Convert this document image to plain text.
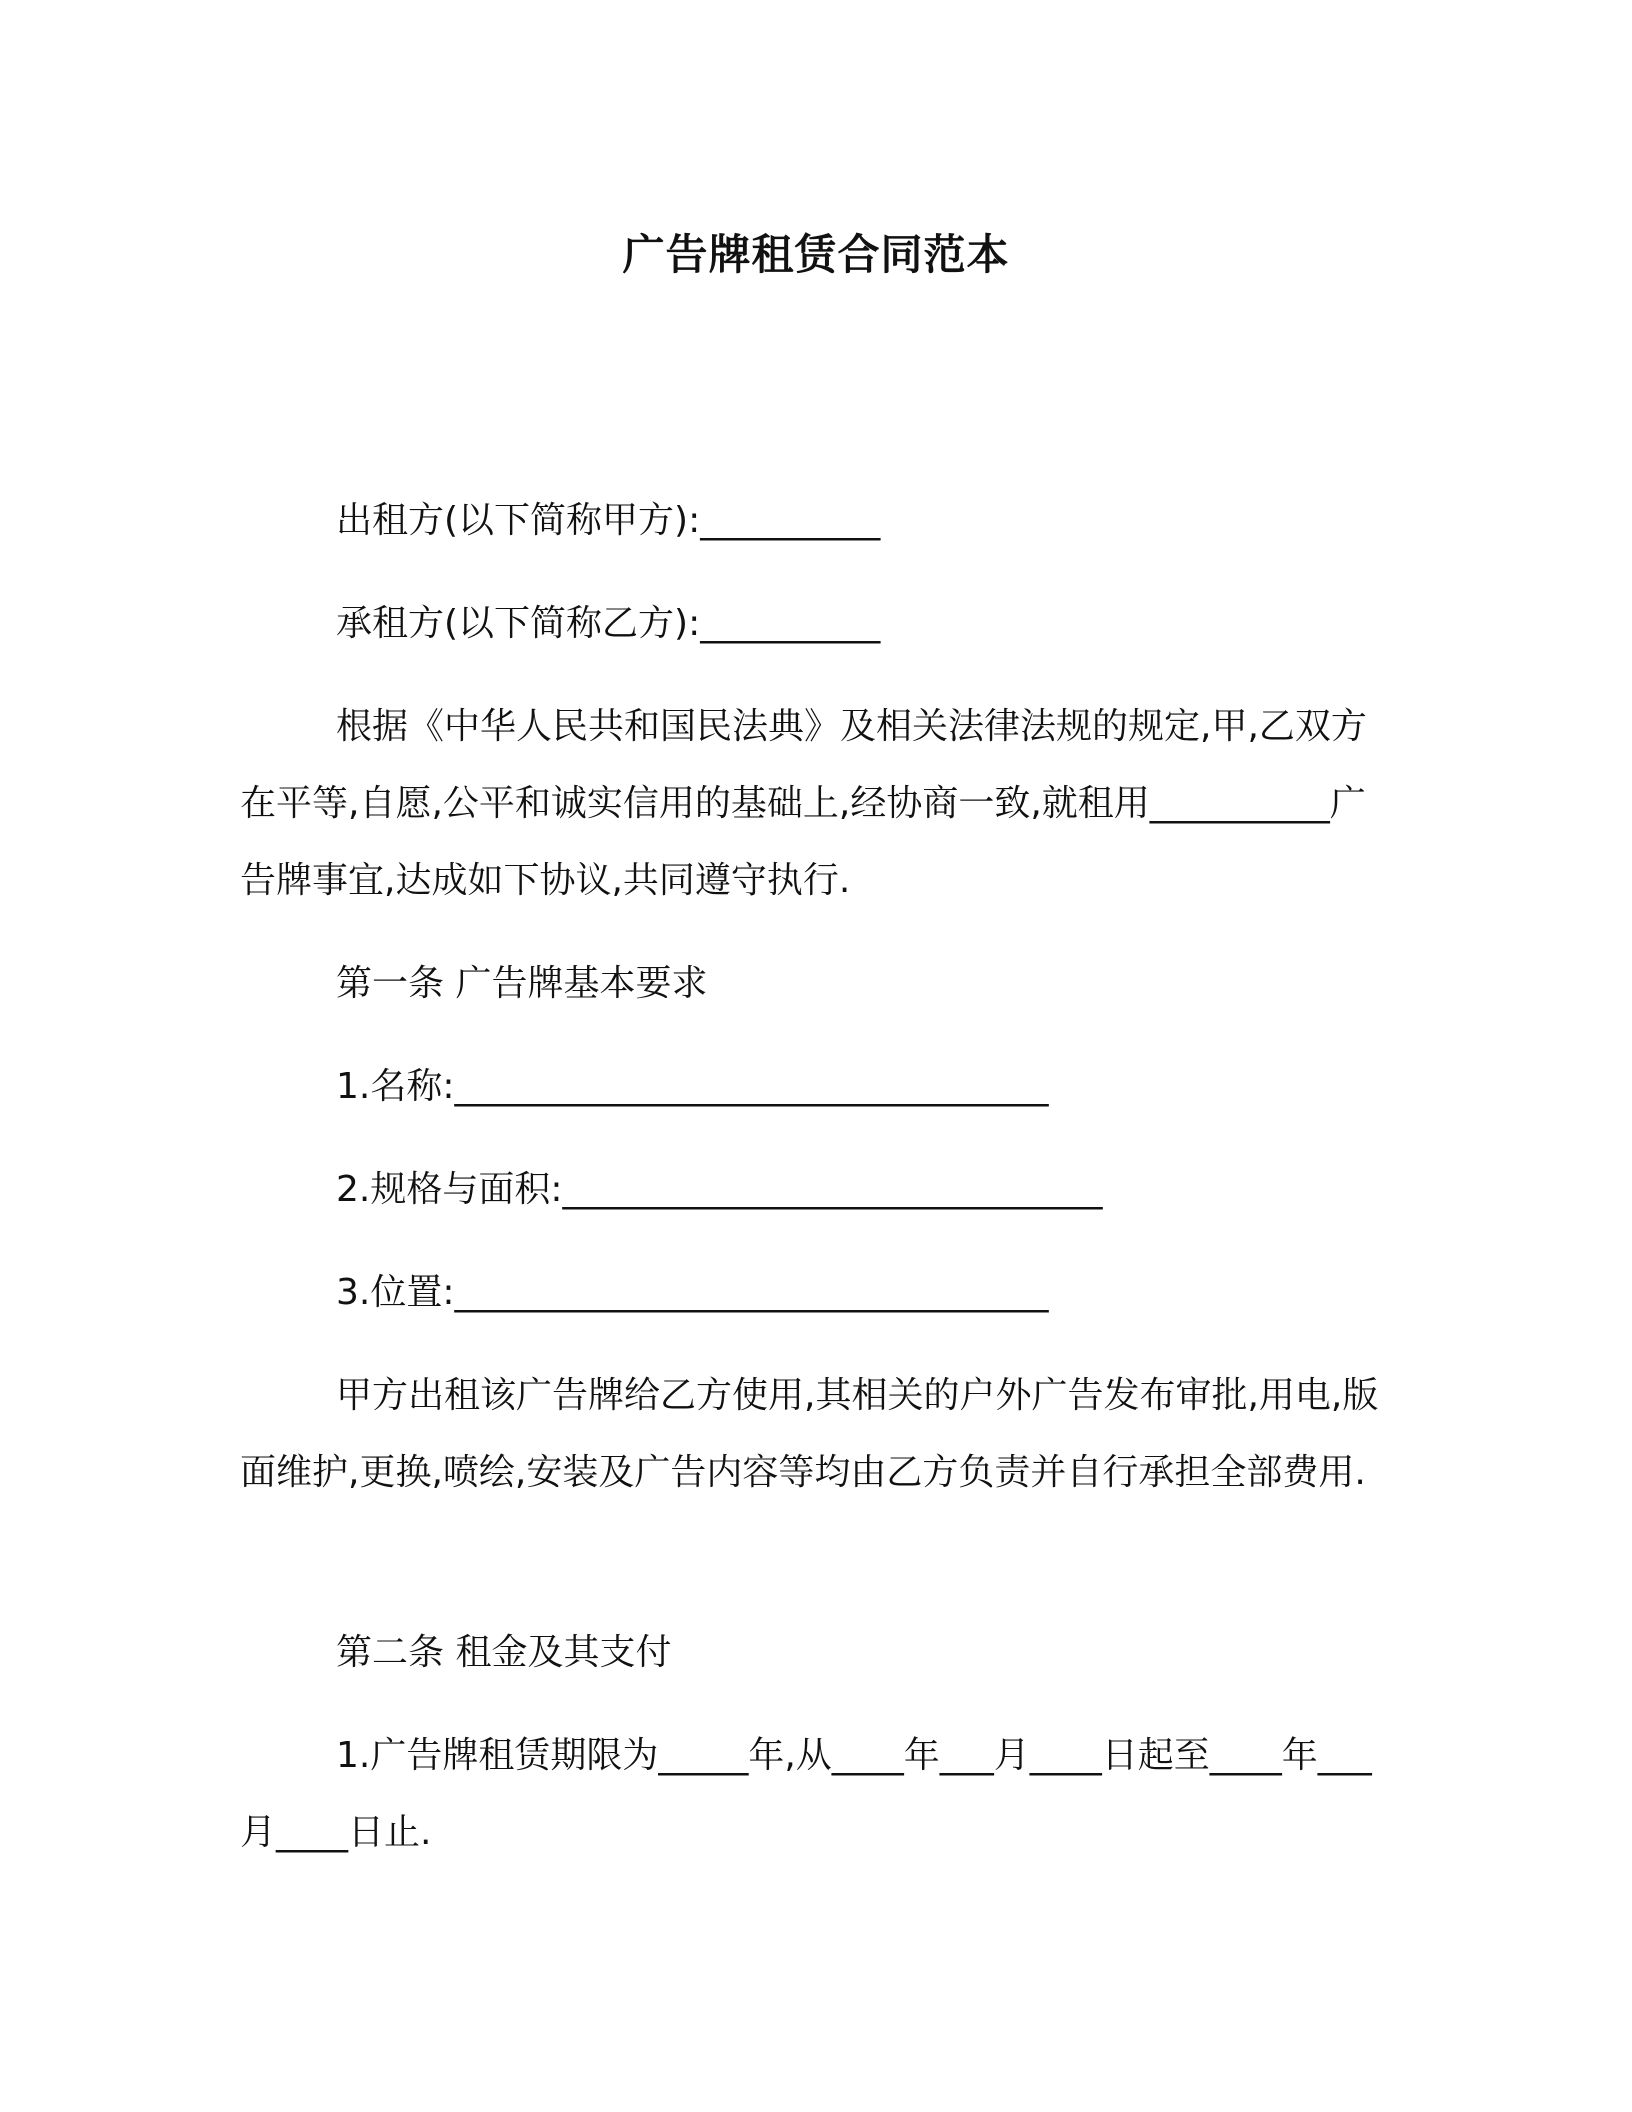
广告牌租赁合同范本
出租方(以下简称甲方):__________
承租方(以下简称乙方):__________
根据《中华人民共和国民法典》及相关法律法规的规定,甲,乙双方在平等,自愿,公平和诚实信用的基础上,经协商一致,就租用__________广告牌事宜,达成如下协议,共同遵守执行.
第一条 广告牌基本要求
1.名称:_________________________________
2.规格与面积:______________________________
3.位置:_________________________________
甲方出租该广告牌给乙方使用,其相关的户外广告发布审批,用电,版面维护,更换,喷绘,安装及广告内容等均由乙方负责并自行承担全部费用.
第二条 租金及其支付
1.广告牌租赁期限为_____年,从____年___月____日起至____年___月____日止.
